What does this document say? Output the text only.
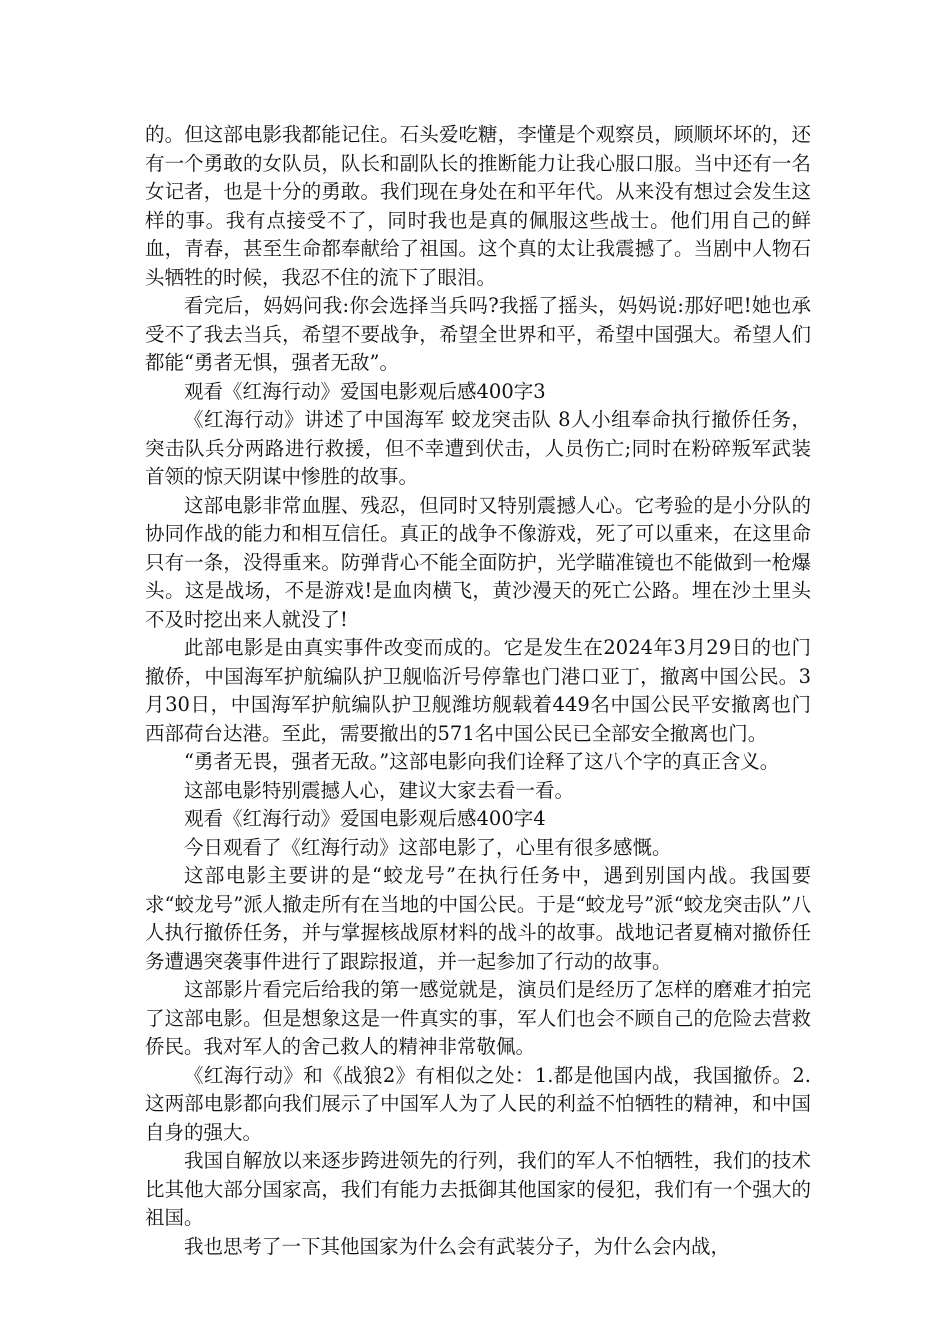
的。但这部电影我都能记住。石头爱吃糖，李懂是个观察员，顾顺坏坏的，还有一个勇敢的女队员，队长和副队长的推断能力让我心服口服。当中还有一名女记者，也是十分的勇敢。我们现在身处在和平年代。从来没有想过会发生这样的事。我有点接受不了，同时我也是真的佩服这些战士。他们用自己的鲜血，青春，甚至生命都奉献给了祖国。这个真的太让我震撼了。当剧中人物石头牺牲的时候，我忍不住的流下了眼泪。

看完后，妈妈问我:你会选择当兵吗?我摇了摇头，妈妈说:那好吧!她也承受不了我去当兵，希望不要战争，希望全世界和平，希望中国强大。希望人们都能“勇者无惧，强者无敌”。

观看《红海行动》爱国电影观后感400字3

《红海行动》讲述了中国海军 蛟龙突击队 8人小组奉命执行撤侨任务，突击队兵分两路进行救援，但不幸遭到伏击，人员伤亡;同时在粉碎叛军武装首领的惊天阴谋中惨胜的故事。

这部电影非常血腥、残忍，但同时又特别震撼人心。它考验的是小分队的协同作战的能力和相互信任。真正的战争不像游戏，死了可以重来，在这里命只有一条，没得重来。防弹背心不能全面防护，光学瞄准镜也不能做到一枪爆头。这是战场，不是游戏!是血肉横飞，黄沙漫天的死亡公路。埋在沙土里头不及时挖出来人就没了!

此部电影是由真实事件改变而成的。它是发生在2024年3月29日的也门撤侨，中国海军护航编队护卫舰临沂号停靠也门港口亚丁，撤离中国公民。3月30日，中国海军护航编队护卫舰潍坊舰载着449名中国公民平安撤离也门西部荷台达港。至此，需要撤出的571名中国公民已全部安全撤离也门。

“勇者无畏，强者无敌。”这部电影向我们诠释了这八个字的真正含义。

这部电影特别震撼人心，建议大家去看一看。

观看《红海行动》爱国电影观后感400字4

今日观看了《红海行动》这部电影了，心里有很多感慨。

这部电影主要讲的是“蛟龙号”在执行任务中，遇到别国内战。我国要求“蛟龙号”派人撤走所有在当地的中国公民。于是“蛟龙号”派“蛟龙突击队”八人执行撤侨任务，并与掌握核战原材料的战斗的故事。战地记者夏楠对撤侨任务遭遇突袭事件进行了跟踪报道，并一起参加了行动的故事。

这部影片看完后给我的第一感觉就是，演员们是经历了怎样的磨难才拍完了这部电影。但是想象这是一件真实的事，军人们也会不顾自己的危险去营救侨民。我对军人的舍己救人的精神非常敬佩。

《红海行动》和《战狼2》有相似之处：1.都是他国内战，我国撤侨。2.这两部电影都向我们展示了中国军人为了人民的利益不怕牺牲的精神，和中国自身的强大。

我国自解放以来逐步跨进领先的行列，我们的军人不怕牺牲，我们的技术比其他大部分国家高，我们有能力去抵御其他国家的侵犯，我们有一个强大的祖国。

我也思考了一下其他国家为什么会有武装分子，为什么会内战，
